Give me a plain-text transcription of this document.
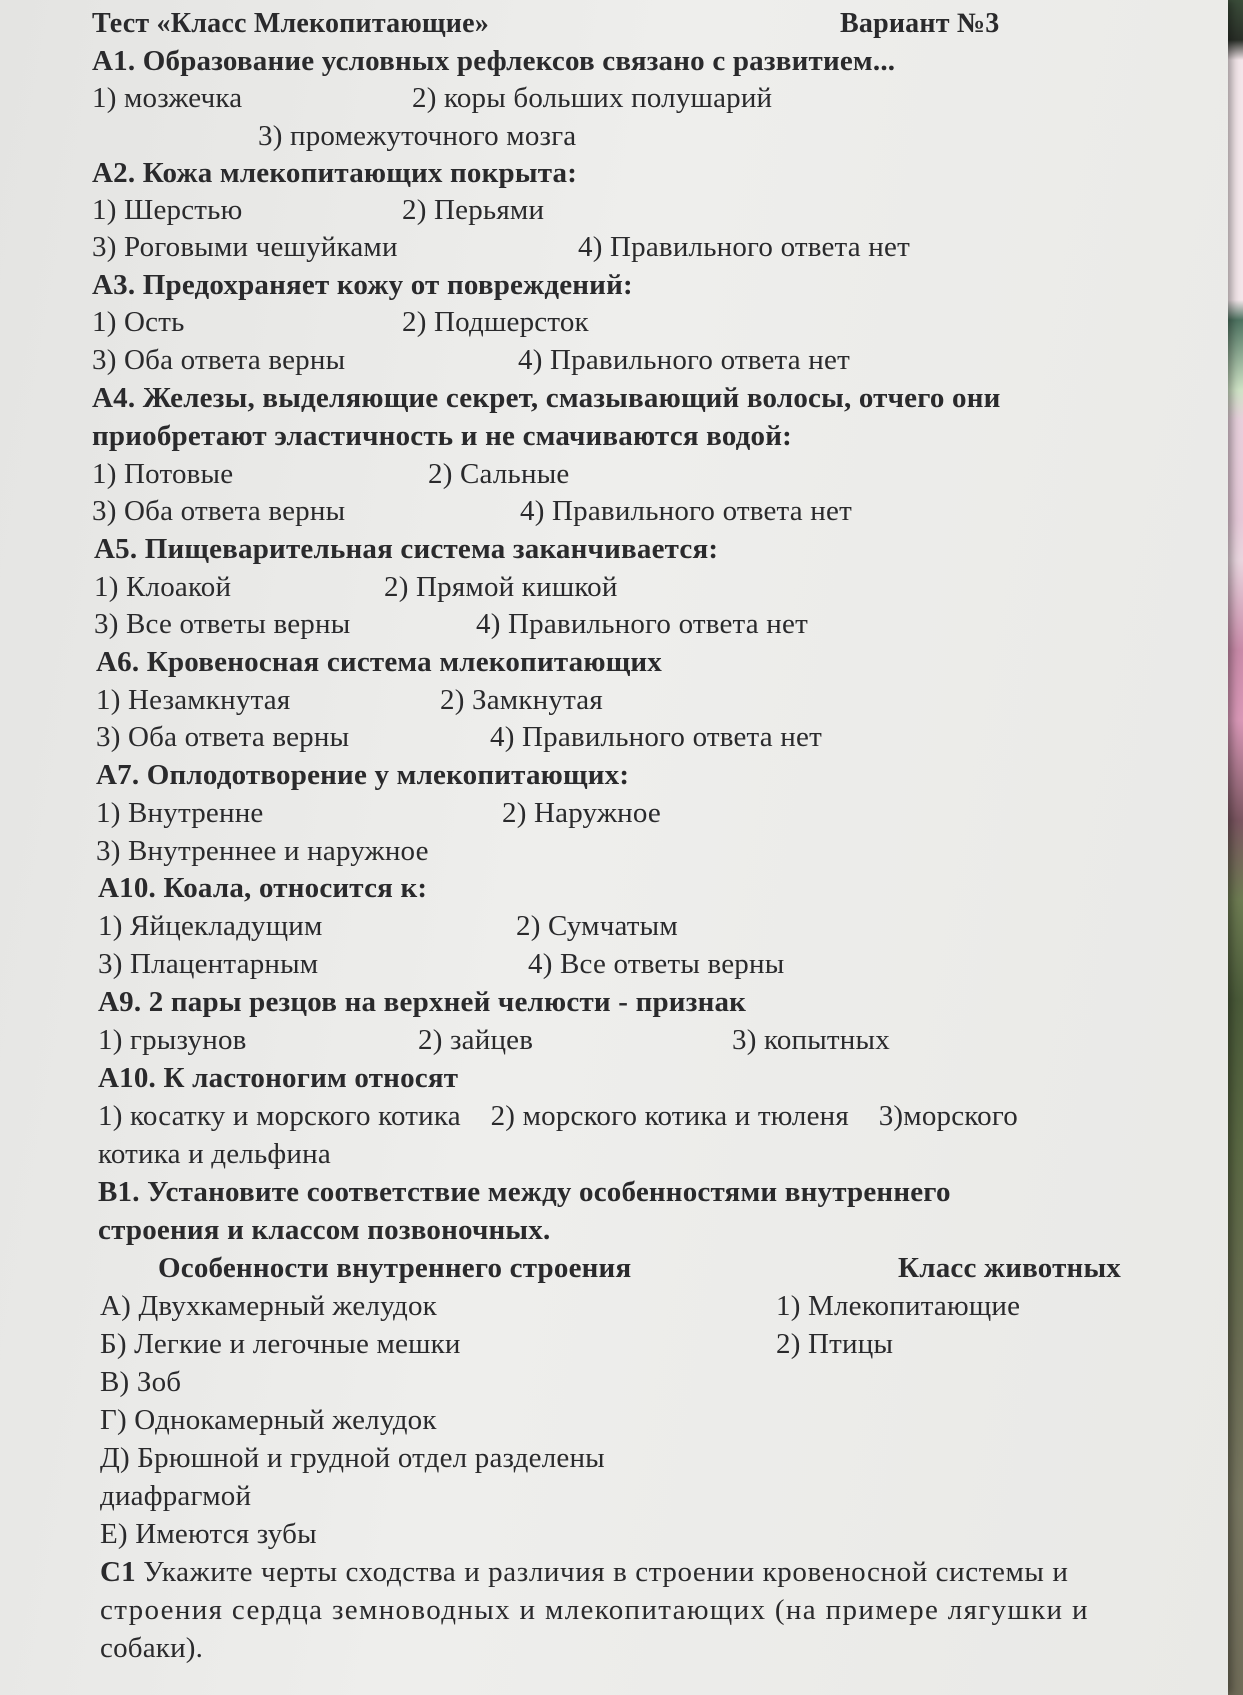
Тест «Класс Млекопитающие»	Вариант №3
А1. Образование условных рефлексов связано с развитием...
1) мозжечка	2) коры больших полушарий
3) промежуточного мозга
А2. Кожа млекопитающих покрыта:
1) Шерстью	2) Перьями
3) Роговыми чешуйками	4) Правильного ответа нет
А3. Предохраняет кожу от повреждений:
1) Ость	2) Подшерсток
3) Оба ответа верны	4) Правильного ответа нет
А4. Железы, выделяющие секрет, смазывающий волосы, отчего они
приобретают эластичность и не смачиваются водой:
1) Потовые	2) Сальные
3) Оба ответа верны	4) Правильного ответа нет
А5. Пищеварительная система заканчивается:
1) Клоакой	2) Прямой кишкой
3) Все ответы верны	4) Правильного ответа нет
А6. Кровеносная система млекопитающих
1) Незамкнутая	2) Замкнутая
3) Оба ответа верны	4) Правильного ответа нет
А7. Оплодотворение у млекопитающих:
1) Внутренне	2) Наружное
3) Внутреннее и наружное
А10. Коала, относится к:
1) Яйцекладущим	2) Сумчатым
3) Плацентарным	4) Все ответы верны
А9. 2 пары резцов на верхней челюсти - признак
1) грызунов	2) зайцев	3) копытных
А10. К ластоногим относят
1) косатку и морского котика    2) морского котика и тюленя    3)морского
котика и дельфина
В1. Установите соответствие между особенностями внутреннего
строения и классом позвоночных.
Особенности внутреннего строения	Класс животных
А) Двухкамерный желудок	1) Млекопитающие
Б) Легкие и легочные мешки	2) Птицы
В) Зоб
Г) Однокамерный желудок
Д) Брюшной и грудной отдел разделены
диафрагмой
Е) Имеются зубы
С1 Укажите черты сходства и различия в строении кровеносной системы и
строения сердца земноводных и млекопитающих (на примере лягушки и
собаки).
